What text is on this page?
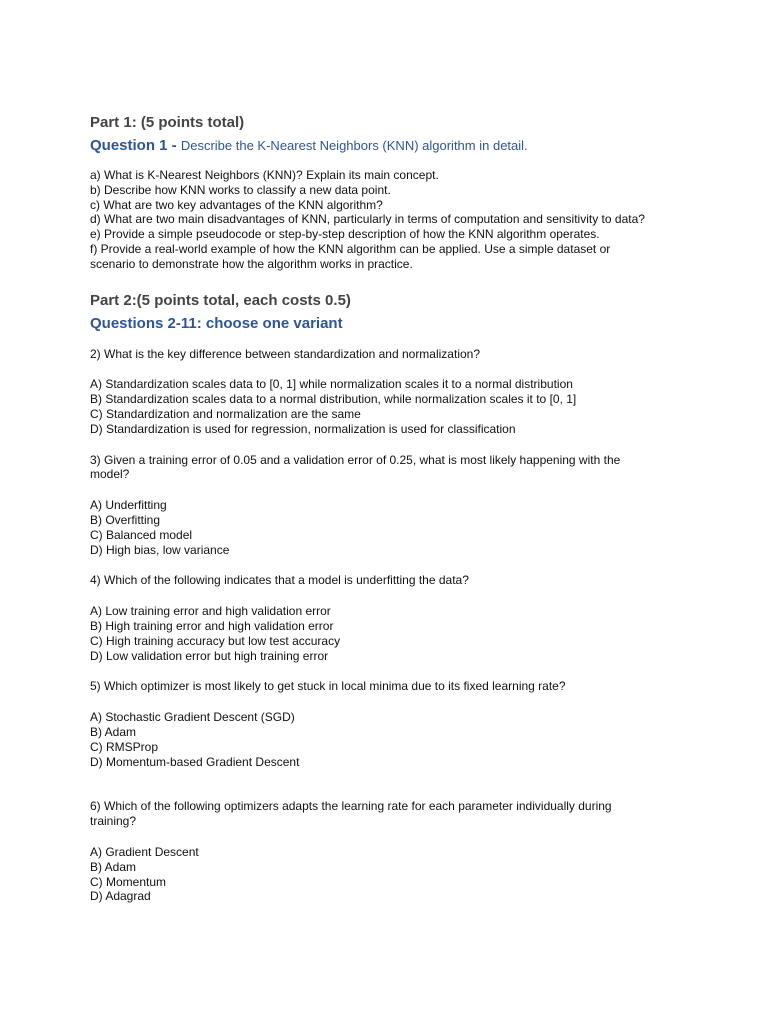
Part 1: (5 points total)

Question 1 - Describe the K-Nearest Neighbors (KNN) algorithm in detail.

a) What is K-Nearest Neighbors (KNN)? Explain its main concept.

b) Describe how KNN works to classify a new data point.

c) What are two key advantages of the KNN algorithm?

d) What are two main disadvantages of KNN, particularly in terms of computation and sensitivity to data?

e) Provide a simple pseudocode or step-by-step description of how the KNN algorithm operates.

f) Provide a real-world example of how the KNN algorithm can be applied. Use a simple dataset or

scenario to demonstrate how the algorithm works in practice.

Part 2:(5 points total, each costs 0.5)

Questions 2-11: choose one variant

2) What is the key difference between standardization and normalization?

A) Standardization scales data to [0, 1] while normalization scales it to a normal distribution

B) Standardization scales data to a normal distribution, while normalization scales it to [0, 1]

C) Standardization and normalization are the same

D) Standardization is used for regression, normalization is used for classification

3) Given a training error of 0.05 and a validation error of 0.25, what is most likely happening with the

model?

A) Underfitting

B) Overfitting

C) Balanced model

D) High bias, low variance

4) Which of the following indicates that a model is underfitting the data?

A) Low training error and high validation error

B) High training error and high validation error

C) High training accuracy but low test accuracy

D) Low validation error but high training error

5) Which optimizer is most likely to get stuck in local minima due to its fixed learning rate?

A) Stochastic Gradient Descent (SGD)

B) Adam

C) RMSProp

D) Momentum-based Gradient Descent

6) Which of the following optimizers adapts the learning rate for each parameter individually during

training?

A) Gradient Descent

B) Adam

C) Momentum

D) Adagrad
